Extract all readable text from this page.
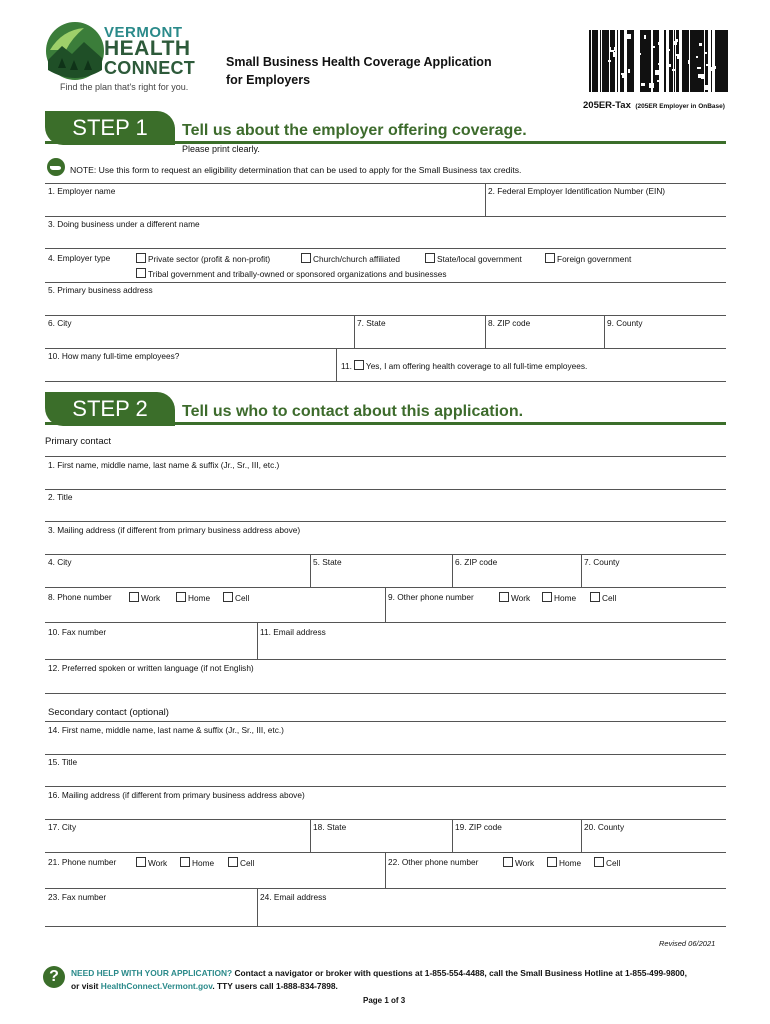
VERMONT
HEALTH
CONNECT
Find the plan that's right for you.
Small Business Health Coverage Application
for Employers
205ER-Tax (205ER Employer in OnBase)
STEP 1	Tell us about the employer offering coverage.
Please print clearly.
NOTE: Use this form to request an eligibility determination that can be used to apply for the Small Business tax credits.
1. Employer name	2. Federal Employer Identification Number (EIN)
3. Doing business under a different name
4. Employer type	Private sector (profit & non-profit)	Church/church affiliated	State/local government	Foreign government
Tribal government and tribally-owned or sponsored organizations and businesses
5. Primary business address
6. City	7. State	8. ZIP code	9. County
10. How many full-time employees?
11. Yes, I am offering health coverage to all full-time employees.
STEP 2	Tell us who to contact about this application.
Primary contact
1. First name, middle name, last name & suffix (Jr., Sr., III, etc.)
2. Title
3. Mailing address (if different from primary business address above)
4. City	5. State	6. ZIP code	7. County
8. Phone number	Work	Home	Cell	9. Other phone number	Work	Home	Cell
10. Fax number	11. Email address
12. Preferred spoken or written language (if not English)
Secondary contact (optional)
14. First name, middle name, last name & suffix (Jr., Sr., III, etc.)
15. Title
16. Mailing address (if different from primary business address above)
17. City	18. State	19. ZIP code	20. County
21. Phone number	Work	Home	Cell	22. Other phone number	Work	Home	Cell
23. Fax number	24. Email address
Revised 06/2021
?	NEED HELP WITH YOUR APPLICATION? Contact a navigator or broker with questions at 1-855-554-4488, call the Small Business Hotline at 1-855-499-9800,
or visit HealthConnect.Vermont.gov. TTY users call 1-888-834-7898.
Page 1 of 3
